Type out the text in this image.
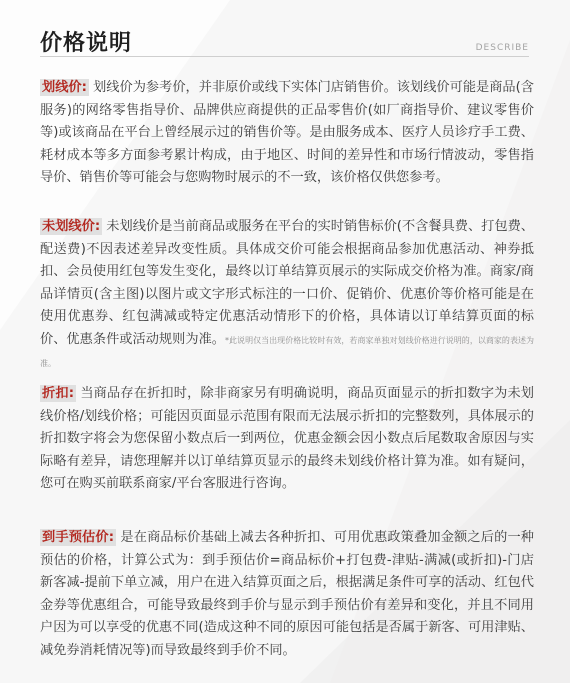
价格说明	DESCRIBE
划线价: 划线价为参考价，并非原价或线下实体门店销售价。该划线价可能是商品(含服务)的网络零售指导价、品牌供应商提供的正品零售价(如厂商指导价、建议零售价等)或该商品在平台上曾经展示过的销售价等。是由服务成本、医疗人员诊疗手工费、耗材成本等多方面参考累计构成，由于地区、时间的差异性和市场行情波动，零售指导价、销售价等可能会与您购物时展示的不一致，该价格仅供您参考。
未划线价: 未划线价是当前商品或服务在平台的实时销售标价(不含餐具费、打包费、配送费)不因表述差异改变性质。具体成交价可能会根据商品参加优惠活动、神券抵扣、会员使用红包等发生变化，最终以订单结算页展示的实际成交价格为准。商家/商品详情页(含主图)以图片或文字形式标注的一口价、促销价、优惠价等价格可能是在使用优惠券、红包满减或特定优惠活动情形下的价格，具体请以订单结算页面的标价、优惠条件或活动规则为准。*此说明仅当出现价格比较时有效，若商家单独对划线价格进行说明的，以商家的表述为准。
折扣: 当商品存在折扣时，除非商家另有明确说明，商品页面显示的折扣数字为未划线价格/划线价格；可能因页面显示范围有限而无法展示折扣的完整数列，具体展示的折扣数字将会为您保留小数点后一到两位，优惠金额会因小数点后尾数取舍原因与实际略有差异，请您理解并以订单结算页显示的最终未划线价格计算为准。如有疑问，您可在购买前联系商家/平台客服进行咨询。
到手预估价: 是在商品标价基础上减去各种折扣、可用优惠政策叠加金额之后的一种预估的价格，计算公式为：到手预估价=商品标价+打包费-津贴-满减(或折扣)-门店新客减-提前下单立减，用户在进入结算页面之后，根据满足条件可享的活动、红包代金券等优惠组合，可能导致最终到手价与显示到手预估价有差异和变化，并且不同用户因为可以享受的优惠不同(造成这种不同的原因可能包括是否属于新客、可用津贴、减免券消耗情况等)而导致最终到手价不同。
